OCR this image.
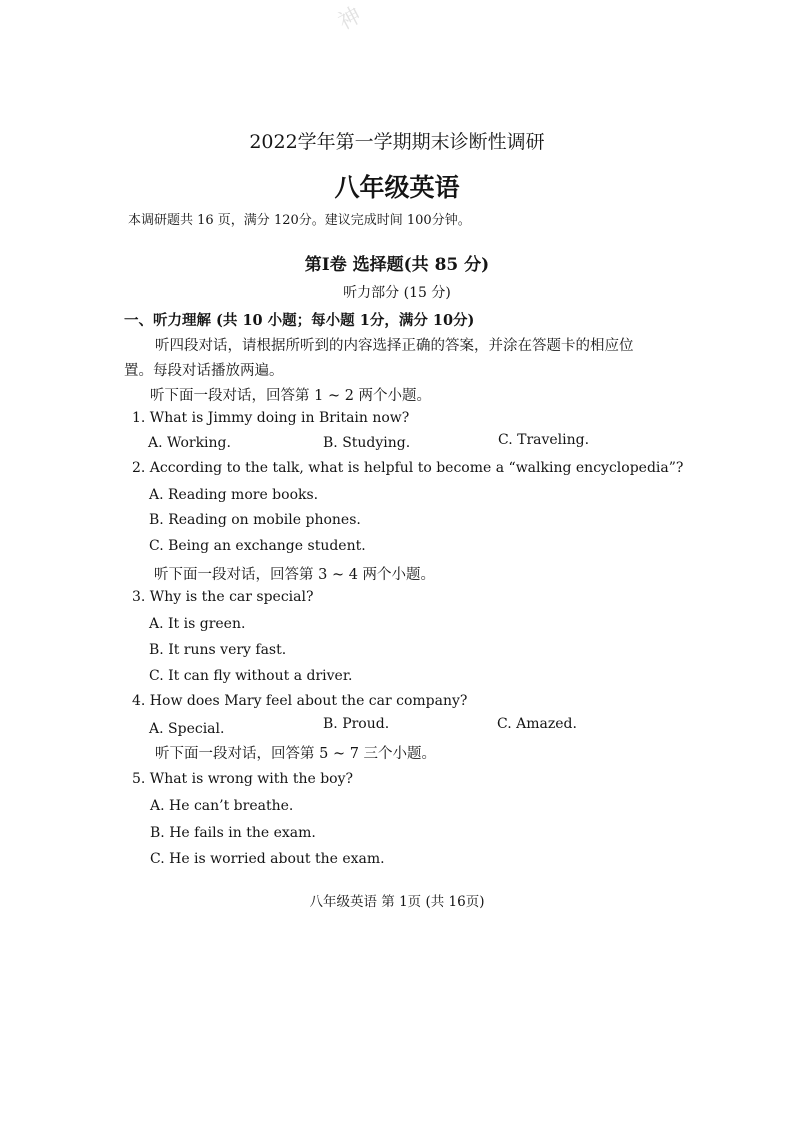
神
2022学年第一学期期末诊断性调研
八年级英语
本调研题共 16 页，满分 120分。建议完成时间 100分钟。
第Ⅰ卷 选择题(共 85 分)
听力部分 (15 分)
一、听力理解 (共 10 小题；每小题 1分，满分 10分)
听四段对话，请根据所听到的内容选择正确的答案，并涂在答题卡的相应位
置。每段对话播放两遍。
听下面一段对话，回答第 1 ~ 2 两个小题。
1. What is Jimmy doing in Britain now?
A. Working.	B. Studying.	C. Traveling.
2. According to the talk, what is helpful to become a “walking encyclopedia”?
A. Reading more books.
B. Reading on mobile phones.
C. Being an exchange student.
听下面一段对话，回答第 3 ~ 4 两个小题。
3. Why is the car special?
A. It is green.
B. It runs very fast.
C. It can fly without a driver.
4. How does Mary feel about the car company?
A. Special.	B. Proud.	C. Amazed.
听下面一段对话，回答第 5 ~ 7 三个小题。
5. What is wrong with the boy?
A. He can’t breathe.
B. He fails in the exam.
C. He is worried about the exam.
八年级英语 第 1页 (共 16页)
